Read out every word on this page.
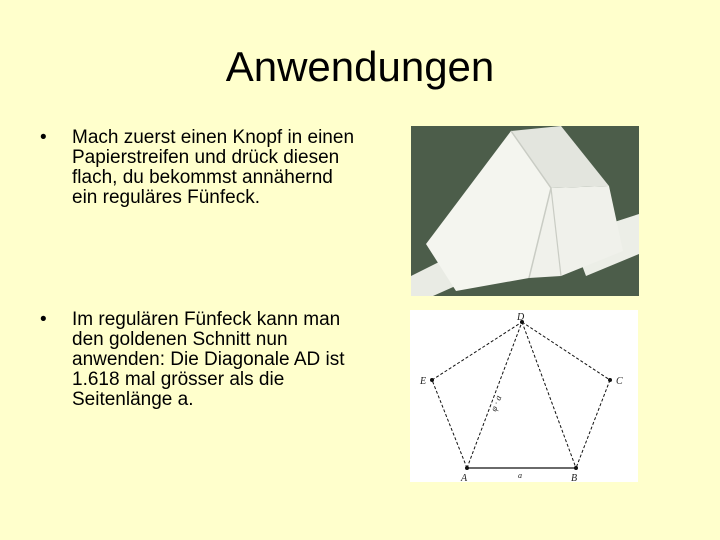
Anwendungen
• Mach zuerst einen Knopf in einen Papierstreifen und drück diesen flach, du bekommst annähernd ein reguläres Fünfeck.
• Im regulären Fünfeck kann man den goldenen Schnitt nun anwenden: Die Diagonale AD ist 1.618 mal grösser als die Seitenlänge a.
A	B
C
D
E
a
φ · a
